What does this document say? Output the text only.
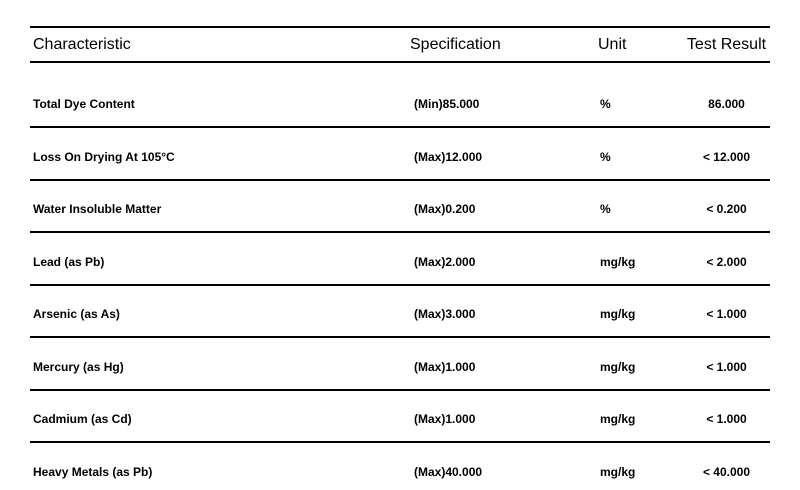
Characteristic	Specification	Unit	Test Result
Total Dye Content	(Min)85.000	%	86.000
Loss On Drying At 105°C	(Max)12.000	%	< 12.000
Water Insoluble Matter	(Max)0.200	%	< 0.200
Lead (as Pb)	(Max)2.000	mg/kg	< 2.000
Arsenic (as As)	(Max)3.000	mg/kg	< 1.000
Mercury (as Hg)	(Max)1.000	mg/kg	< 1.000
Cadmium (as Cd)	(Max)1.000	mg/kg	< 1.000
Heavy Metals (as Pb)	(Max)40.000	mg/kg	< 40.000
